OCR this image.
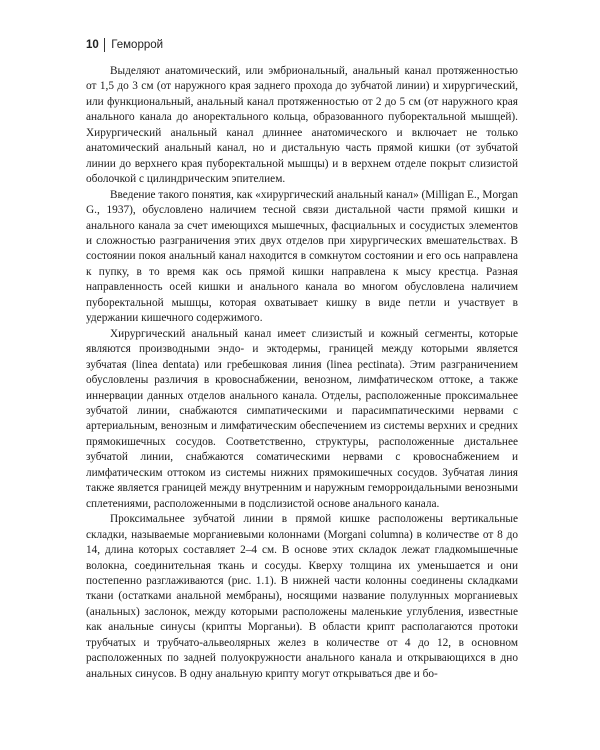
10 Геморрой

Выделяют анатомический, или эмбриональный, анальный канал протяженностью от 1,5 до 3 см (от наружного края заднего прохода до зубчатой линии) и хирургический, или функциональный, анальный канал протяженностью от 2 до 5 см (от наружного края анального канала до аноректального кольца, образованного пуборектальной мышцей). Хирургический анальный канал длиннее анатомического и включает не только анатомический анальный канал, но и дистальную часть прямой кишки (от зубчатой линии до верхнего края пуборектальной мышцы) и в верхнем отделе покрыт слизистой оболочкой с цилиндрическим эпителием.

Введение такого понятия, как «хирургический анальный канал» (Milligan E., Morgan G., 1937), обусловлено наличием тесной связи дистальной части прямой кишки и анального канала за счет имеющихся мышечных, фасциальных и сосудистых элементов и сложностью разграничения этих двух отделов при хирургических вмешательствах. В состоянии покоя анальный канал находится в сомкнутом состоянии и его ось направлена к пупку, в то время как ось прямой кишки направлена к мысу крестца. Разная направленность осей кишки и анального канала во многом обусловлена наличием пуборектальной мышцы, которая охватывает кишку в виде петли и участвует в удержании кишечного содержимого.

Хирургический анальный канал имеет слизистый и кожный сегменты, которые являются производными эндо- и эктодермы, границей между которыми является зубчатая (linea dentata) или гребешковая линия (linea pectinata). Этим разграничением обусловлены различия в кровоснабжении, венозном, лимфатическом оттоке, а также иннервации данных отделов анального канала. Отделы, расположенные проксимальнее зубчатой линии, снабжаются симпатическими и парасимпатическими нервами с артериальным, венозным и лимфатическим обеспечением из системы верхних и средних прямокишечных сосудов. Соответственно, структуры, расположенные дистальнее зубчатой линии, снабжаются соматическими нервами с кровоснабжением и лимфатическим оттоком из системы нижних прямокишечных сосудов. Зубчатая линия также является границей между внутренним и наружным геморроидальными венозными сплетениями, расположенными в подслизистой основе анального канала.

Проксимальнее зубчатой линии в прямой кишке расположены вертикальные складки, называемые морганиевыми колоннами (Morgani columna) в количестве от 8 до 14, длина которых составляет 2–4 см. В основе этих складок лежат гладкомышечные волокна, соединительная ткань и сосуды. Кверху толщина их уменьшается и они постепенно разглаживаются (рис. 1.1). В нижней части колонны соединены складками ткани (остатками анальной мембраны), носящими название полулунных морганиевых (анальных) заслонок, между которыми расположены маленькие углубления, известные как анальные синусы (крипты Морганьи). В области крипт располагаются протоки трубчатых и трубчато-альвеолярных желез в количестве от 4 до 12, в основном расположенных по задней полуокружности анального канала и открывающихся в дно анальных синусов. В одну анальную крипту могут открываться две и бо-
